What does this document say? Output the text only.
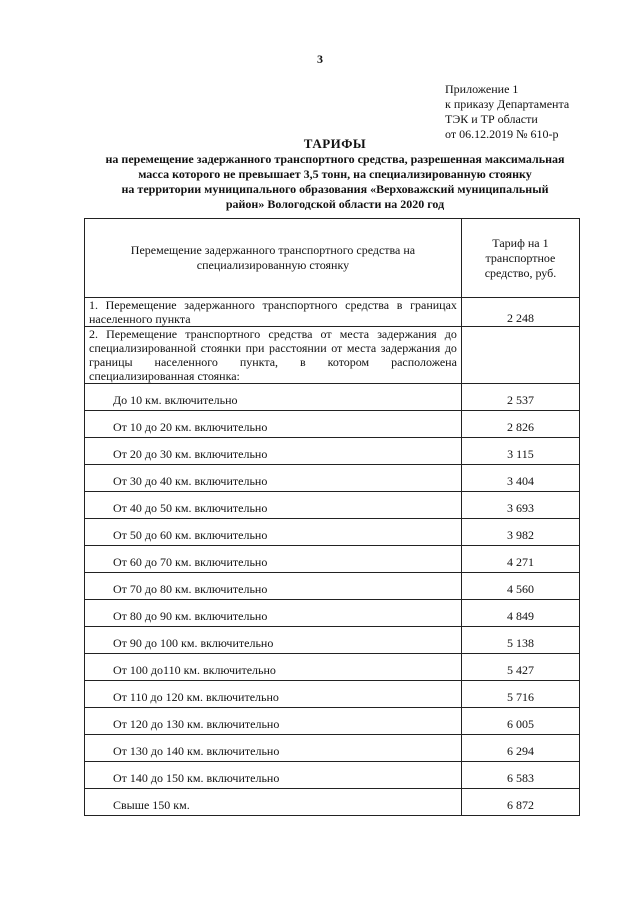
3
Приложение 1
к приказу Департамента
ТЭК и ТР области
от 06.12.2019 № 610-р
ТАРИФЫ
на перемещение задержанного транспортного средства, разрешенная максимальная
масса которого не превышает 3,5 тонн, на специализированную стоянку
на территории муниципального образования «Верховажский муниципальный
район» Вологодской области на 2020 год
Перемещение задержанного транспортного средства на специализированную стоянку	Тариф на 1 транспортное средство, руб.
1. Перемещение задержанного транспортного средства в границах населенного пункта	2 248
2. Перемещение транспортного средства от места задержания до специализированной стоянки при расстоянии от места задержания до границы населенного пункта, в котором расположена специализированная стоянка:	
До 10 км. включительно	2 537
От 10 до 20 км. включительно	2 826
От 20 до 30 км. включительно	3 115
От 30 до 40 км. включительно	3 404
От 40 до 50 км. включительно	3 693
От 50 до 60 км. включительно	3 982
От 60 до 70 км. включительно	4 271
От 70 до 80 км. включительно	4 560
От 80 до 90 км. включительно	4 849
От 90 до 100 км. включительно	5 138
От 100 до110 км. включительно	5 427
От 110 до 120 км. включительно	5 716
От 120 до 130 км. включительно	6 005
От 130 до 140 км. включительно	6 294
От 140 до 150 км. включительно	6 583
Свыше 150 км.	6 872
